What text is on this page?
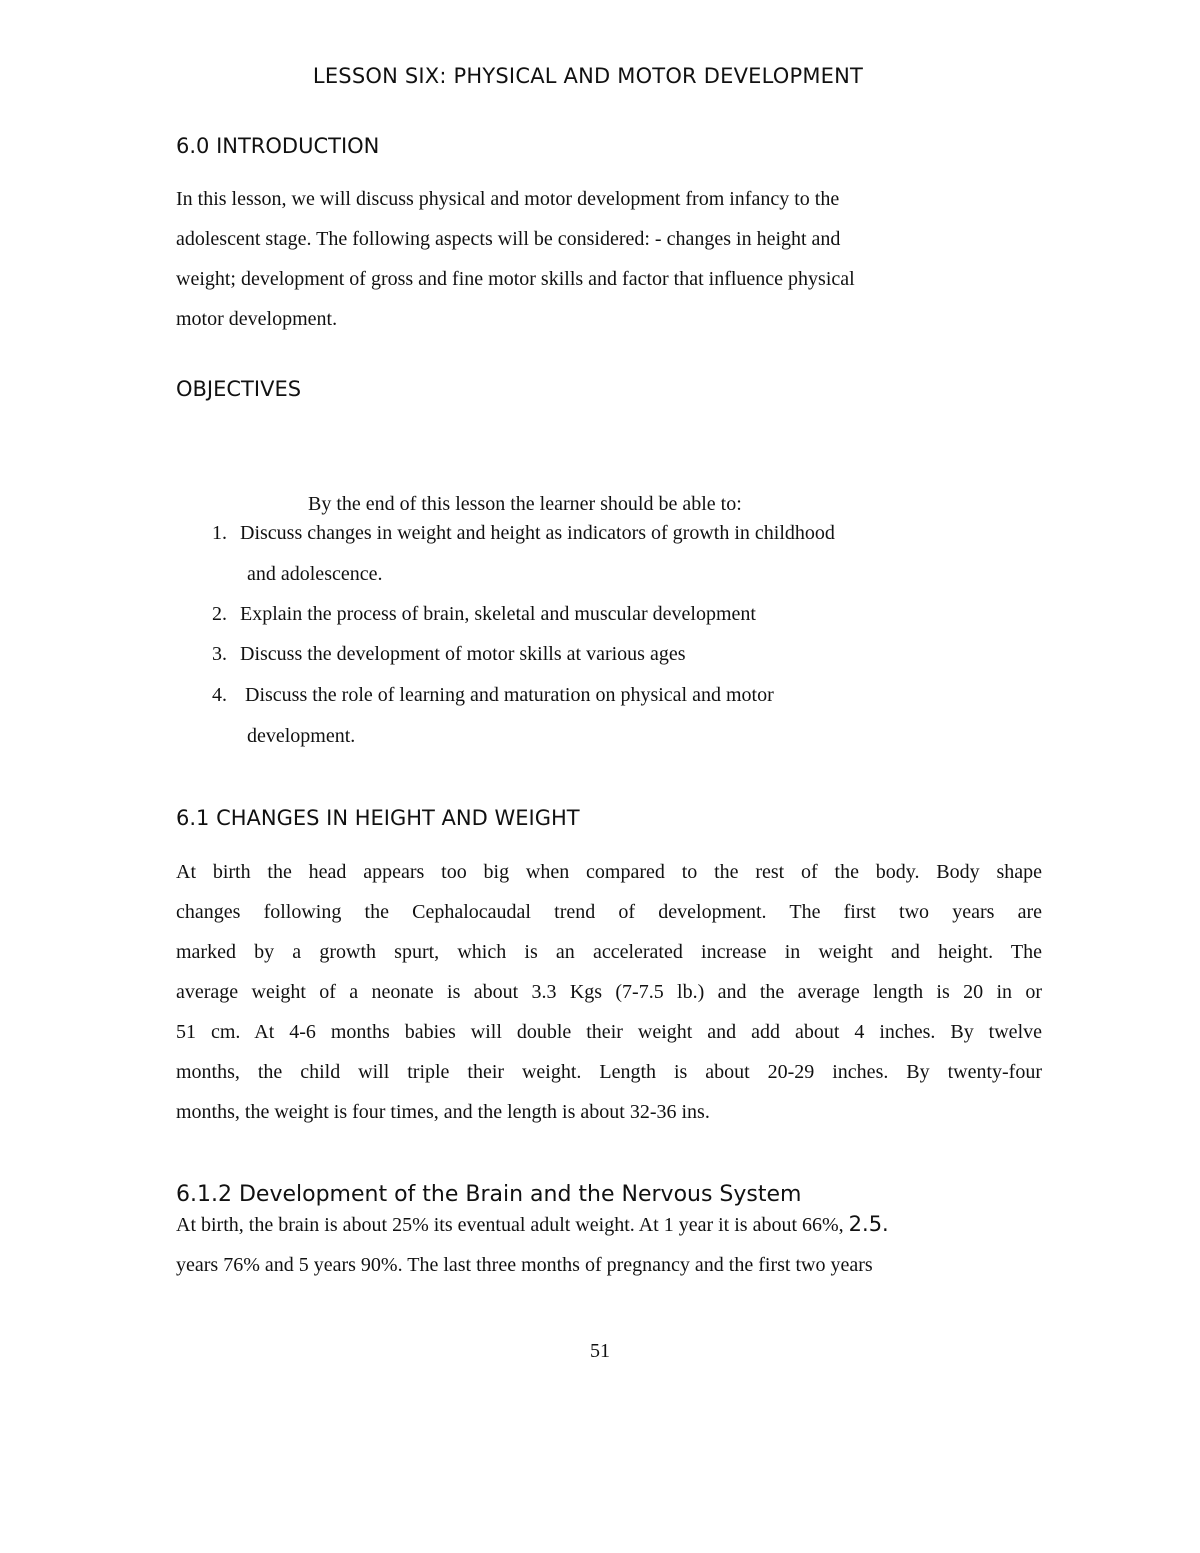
LESSON SIX: PHYSICAL AND MOTOR DEVELOPMENT
6.0 INTRODUCTION
In this lesson, we will discuss physical and motor development from infancy to the
adolescent stage. The following aspects will be considered: - changes in height and
weight; development of gross and fine motor skills and factor that influence physical
motor development.
OBJECTIVES
By the end of this lesson the learner should be able to:
1. Discuss changes in weight and height as indicators of growth in childhood
and adolescence.
2. Explain the process of brain, skeletal and muscular development
3. Discuss the development of motor skills at various ages
4. Discuss the role of learning and maturation on physical and motor
development.
6.1 CHANGES IN HEIGHT AND WEIGHT
At birth the head appears too big when compared to the rest of the body. Body shape
changes following the Cephalocaudal trend of development. The first two years are
marked by a growth spurt, which is an accelerated increase in weight and height. The
average weight of a neonate is about 3.3 Kgs (7-7.5 lb.) and the average length is 20 in or
51 cm. At 4-6 months babies will double their weight and add about 4 inches. By twelve
months, the child will triple their weight. Length is about 20-29 inches. By twenty-four
months, the weight is four times, and the length is about 32-36 ins.
6.1.2 Development of the Brain and the Nervous System
At birth, the brain is about 25% its eventual adult weight. At 1 year it is about 66%, 2.5.
years 76% and 5 years 90%. The last three months of pregnancy and the first two years
51
